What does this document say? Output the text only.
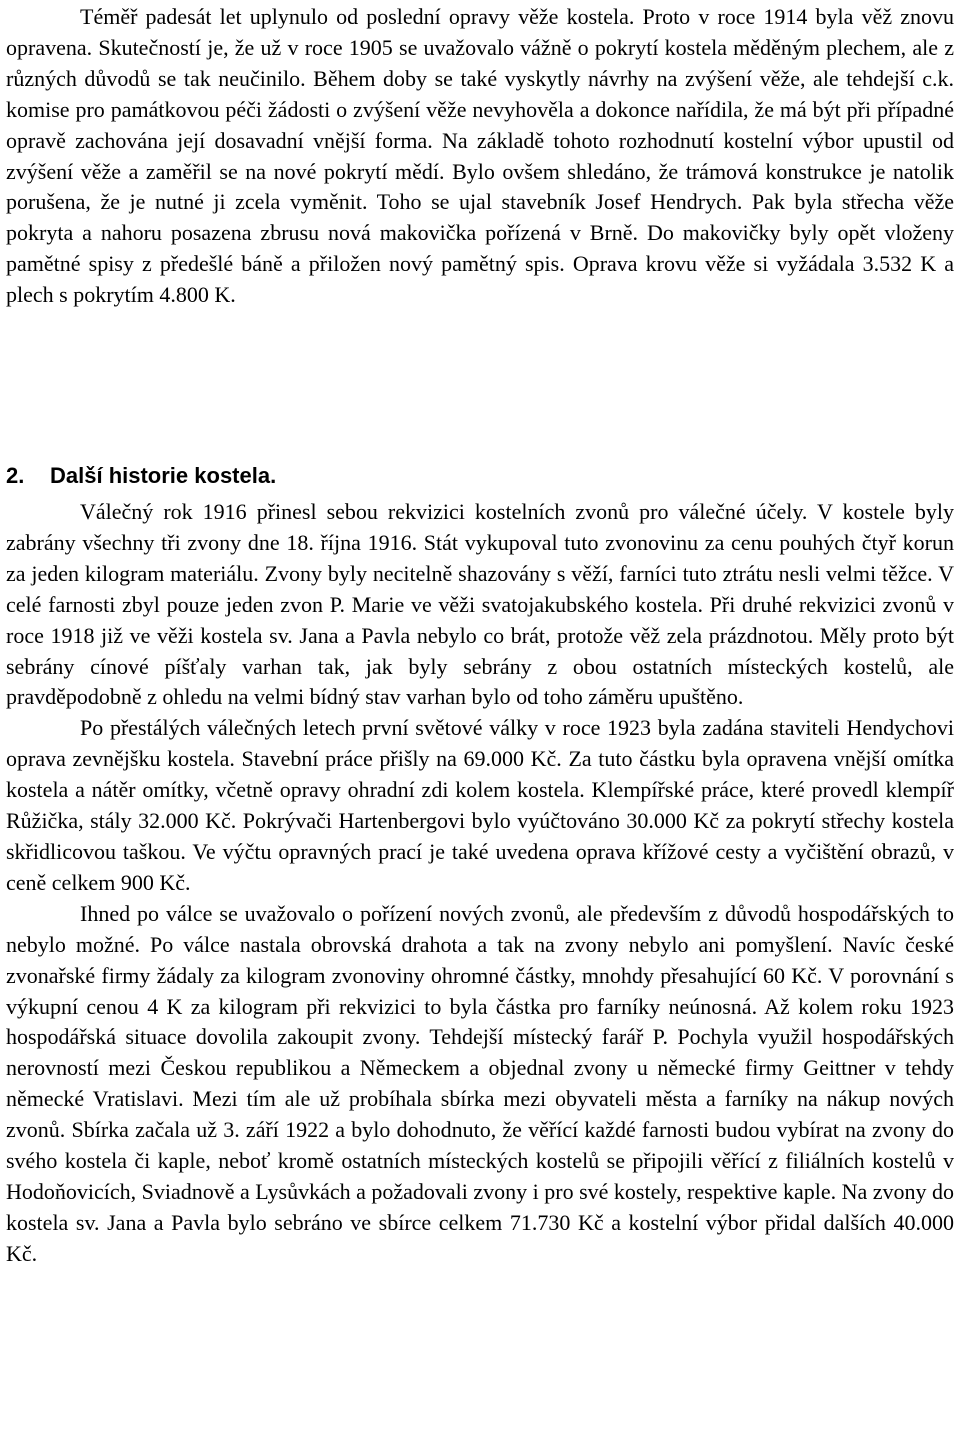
Téměř padesát let uplynulo od poslední opravy věže kostela. Proto v roce 1914 byla věž znovu opravena. Skutečností je, že už v roce 1905 se uvažovalo vážně o pokrytí kostela měděným plechem, ale z různých důvodů se tak neučinilo. Během doby se také vyskytly návrhy na zvýšení věže, ale tehdejší c.k. komise pro památkovou péči žádosti o zvýšení věže nevyhověla a dokonce nařídila, že má být při případné opravě zachována její dosavadní vnější forma. Na základě tohoto rozhodnutí kostelní výbor upustil od zvýšení věže a zaměřil se na nové pokrytí mědí. Bylo ovšem shledáno, že trámová konstrukce je natolik porušena, že je nutné ji zcela vyměnit. Toho se ujal stavebník Josef Hendrych. Pak byla střecha věže pokryta a nahoru posazena zbrusu nová makovička pořízená v Brně. Do makovičky byly opět vloženy pamětné spisy z předešlé báně a přiložen nový pamětný spis. Oprava krovu věže si vyžádala 3.532 K a plech s pokrytím 4.800 K.

2. Další historie kostela.

Válečný rok 1916 přinesl sebou rekvizici kostelních zvonů pro válečné účely. V kostele byly zabrány všechny tři zvony dne 18. října 1916. Stát vykupoval tuto zvonovinu za cenu pouhých čtyř korun za jeden kilogram materiálu. Zvony byly necitelně shazovány s věží, farníci tuto ztrátu nesli velmi těžce. V celé farnosti zbyl pouze jeden zvon P. Marie ve věži svatojakubského kostela. Při druhé rekvizici zvonů v roce 1918 již ve věži kostela sv. Jana a Pavla nebylo co brát, protože věž zela prázdnotou. Měly proto být sebrány cínové píšťaly varhan tak, jak byly sebrány z obou ostatních místeckých kostelů, ale pravděpodobně z ohledu na velmi bídný stav varhan bylo od toho záměru upuštěno.

Po přestálých válečných letech první světové války v roce 1923 byla zadána staviteli Hendychovi oprava zevnějšku kostela. Stavební práce přišly na 69.000 Kč. Za tuto částku byla opravena vnější omítka kostela a nátěr omítky, včetně opravy ohradní zdi kolem kostela. Klempířské práce, které provedl klempíř Růžička, stály 32.000 Kč. Pokrývači Hartenbergovi bylo vyúčtováno 30.000 Kč za pokrytí střechy kostela skřidlicovou taškou. Ve výčtu opravných prací je také uvedena oprava křížové cesty a vyčištění obrazů, v ceně celkem 900 Kč.

Ihned po válce se uvažovalo o pořízení nových zvonů, ale především z důvodů hospodářských to nebylo možné. Po válce nastala obrovská drahota a tak na zvony nebylo ani pomyšlení. Navíc české zvonařské firmy žádaly za kilogram zvonoviny ohromné částky, mnohdy přesahující 60 Kč. V porovnání s výkupní cenou 4 K za kilogram při rekvizici to byla částka pro farníky neúnosná. Až kolem roku 1923 hospodářská situace dovolila zakoupit zvony. Tehdejší místecký farář P. Pochyla využil hospodářských nerovností mezi Českou republikou a Německem a objednal zvony u německé firmy Geittner v tehdy německé Vratislavi. Mezi tím ale už probíhala sbírka mezi obyvateli města a farníky na nákup nových zvonů. Sbírka začala už 3. září 1922 a bylo dohodnuto, že věřící každé farnosti budou vybírat na zvony do svého kostela či kaple, neboť kromě ostatních místeckých kostelů se připojili věřící z filiálních kostelů v Hodoňovicích, Sviadnově a Lysůvkách a požadovali zvony i pro své kostely, respektive kaple. Na zvony do kostela sv. Jana a Pavla bylo sebráno ve sbírce celkem 71.730 Kč a kostelní výbor přidal dalších 40.000 Kč.
